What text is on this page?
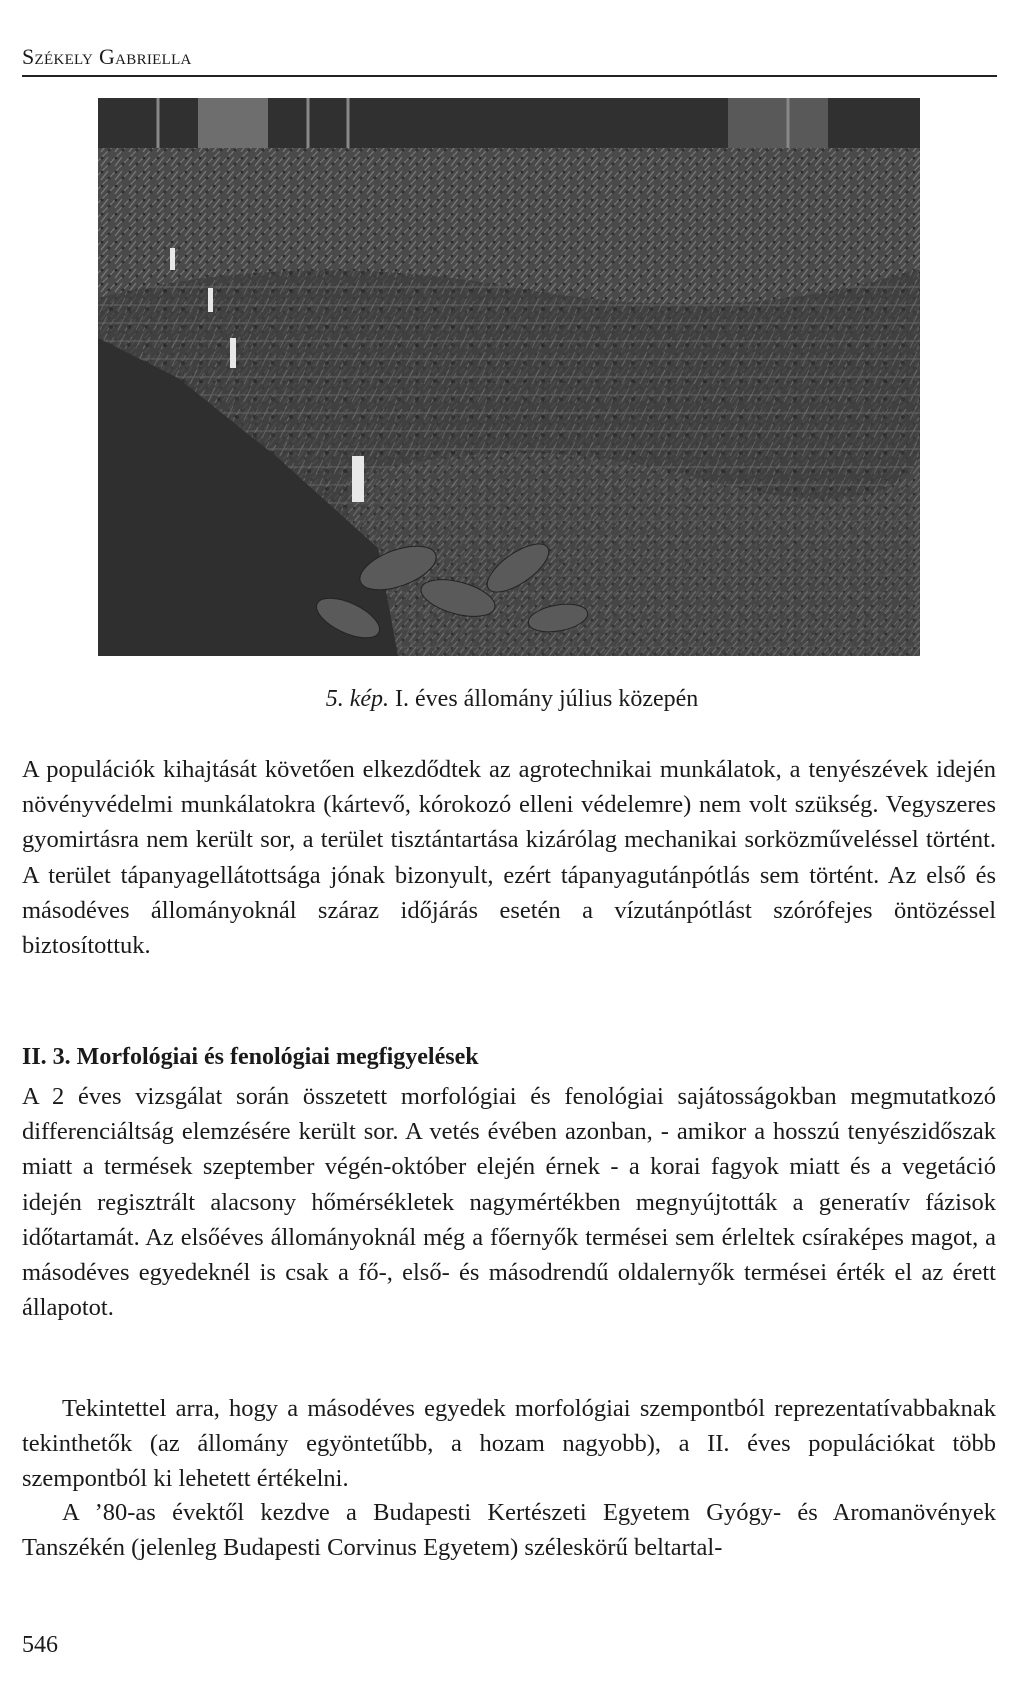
Székely Gabriella
5. kép. I. éves állomány július közepén

A populációk kihajtását követően elkezdődtek az agrotechnikai munkálatok, a tenyészévek idején növényvédelmi munkálatokra (kártevő, kórokozó elleni védelemre) nem volt szükség. Vegyszeres gyomirtásra nem került sor, a terület tisztántartása kizárólag mechanikai sorközműveléssel történt. A terület tápanyagellátottsága jónak bizonyult, ezért tápanyagutánpótlás sem történt. Az első és másodéves állományoknál száraz időjárás esetén a vízutánpótlást szórófejes öntözéssel biztosítottuk.

II. 3. Morfológiai és fenológiai megfigyelések

A 2 éves vizsgálat során összetett morfológiai és fenológiai sajátosságokban megmutatkozó differenciáltság elemzésére került sor. A vetés évében azonban, - amikor a hosszú tenyészidőszak miatt a termések szeptember végén-október elején érnek - a korai fagyok miatt és a vegetáció idején regisztrált alacsony hőmérsékletek nagymértékben megnyújtották a generatív fázisok időtartamát. Az elsőéves állományoknál még a főernyők termései sem érleltek csíraképes magot, a másodéves egyedeknél is csak a fő-, első- és másodrendű oldalernyők termései érték el az érett állapotot.

Tekintettel arra, hogy a másodéves egyedek morfológiai szempontból reprezentatívabbaknak tekinthetők (az állomány egyöntetűbb, a hozam nagyobb), a II. éves populációkat több szempontból ki lehetett értékelni.

A ’80-as évektől kezdve a Budapesti Kertészeti Egyetem Gyógy- és Aromanövények Tanszékén (jelenleg Budapesti Corvinus Egyetem) széleskörű beltartal-

546
